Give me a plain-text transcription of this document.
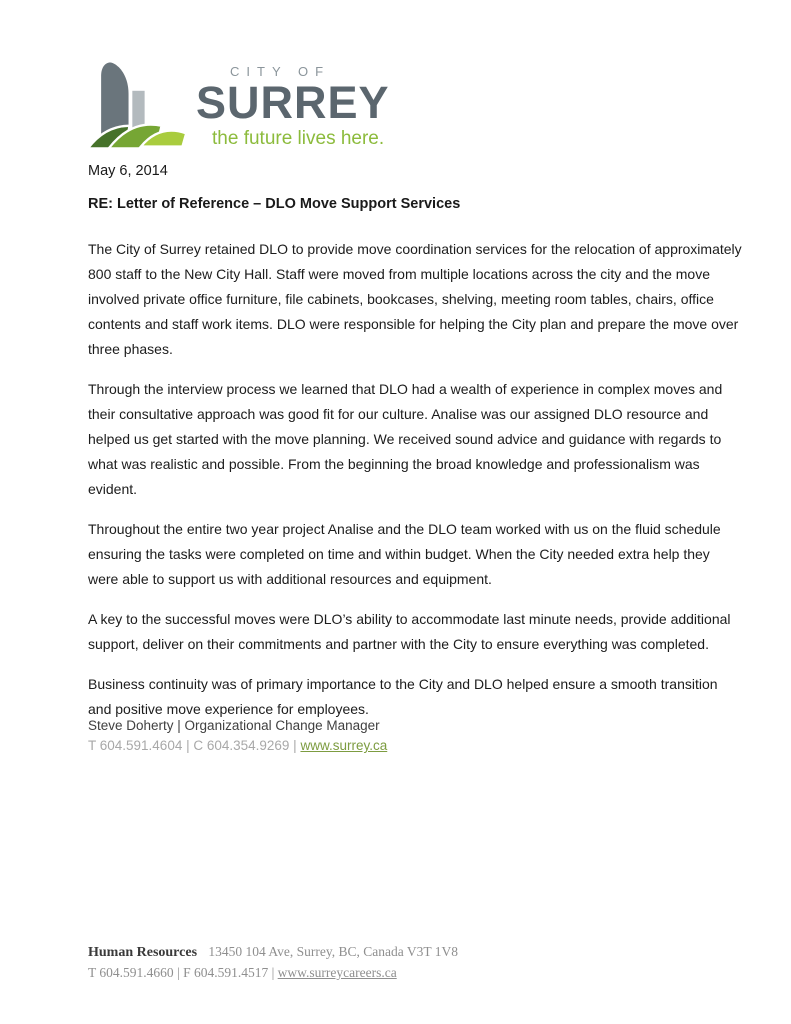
CITY OF
SURREY
the future lives here.

May 6, 2014

RE: Letter of Reference – DLO Move Support Services

The City of Surrey retained DLO to provide move coordination services for the relocation of approximately 800 staff to the New City Hall. Staff were moved from multiple locations across the city and the move involved private office furniture, file cabinets, bookcases, shelving, meeting room tables, chairs, office contents and staff work items. DLO were responsible for helping the City plan and prepare the move over three phases.

Through the interview process we learned that DLO had a wealth of experience in complex moves and their consultative approach was good fit for our culture. Analise was our assigned DLO resource and helped us get started with the move planning. We received sound advice and guidance with regards to what was realistic and possible. From the beginning the broad knowledge and professionalism was evident.

Throughout the entire two year project Analise and the DLO team worked with us on the fluid schedule ensuring the tasks were completed on time and within budget. When the City needed extra help they were able to support us with additional resources and equipment.

A key to the successful moves were DLO’s ability to accommodate last minute needs, provide additional support, deliver on their commitments and partner with the City to ensure everything was completed.

Business continuity was of primary importance to the City and DLO helped ensure a smooth transition and positive move experience for employees.

Steve Doherty | Organizational Change Manager
T 604.591.4604 | C 604.354.9269 | www.surrey.ca
Human Resources 13450 104 Ave, Surrey, BC, Canada V3T 1V8
T 604.591.4660 | F 604.591.4517 | www.surreycareers.ca
